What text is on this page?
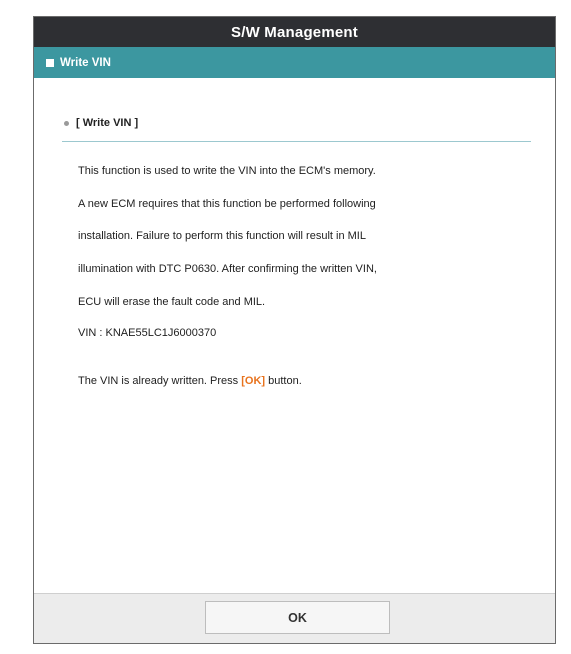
S/W Management
Write VIN
[ Write VIN ]
This function is used to write the VIN into the ECM's memory.
A new ECM requires that this function be performed following
installation. Failure to perform this function will result in MIL
illumination with DTC P0630. After confirming the written VIN,
ECU will erase the fault code and MIL.
VIN : KNAE55LC1J6000370
The VIN is already written. Press [OK] button.
OK
